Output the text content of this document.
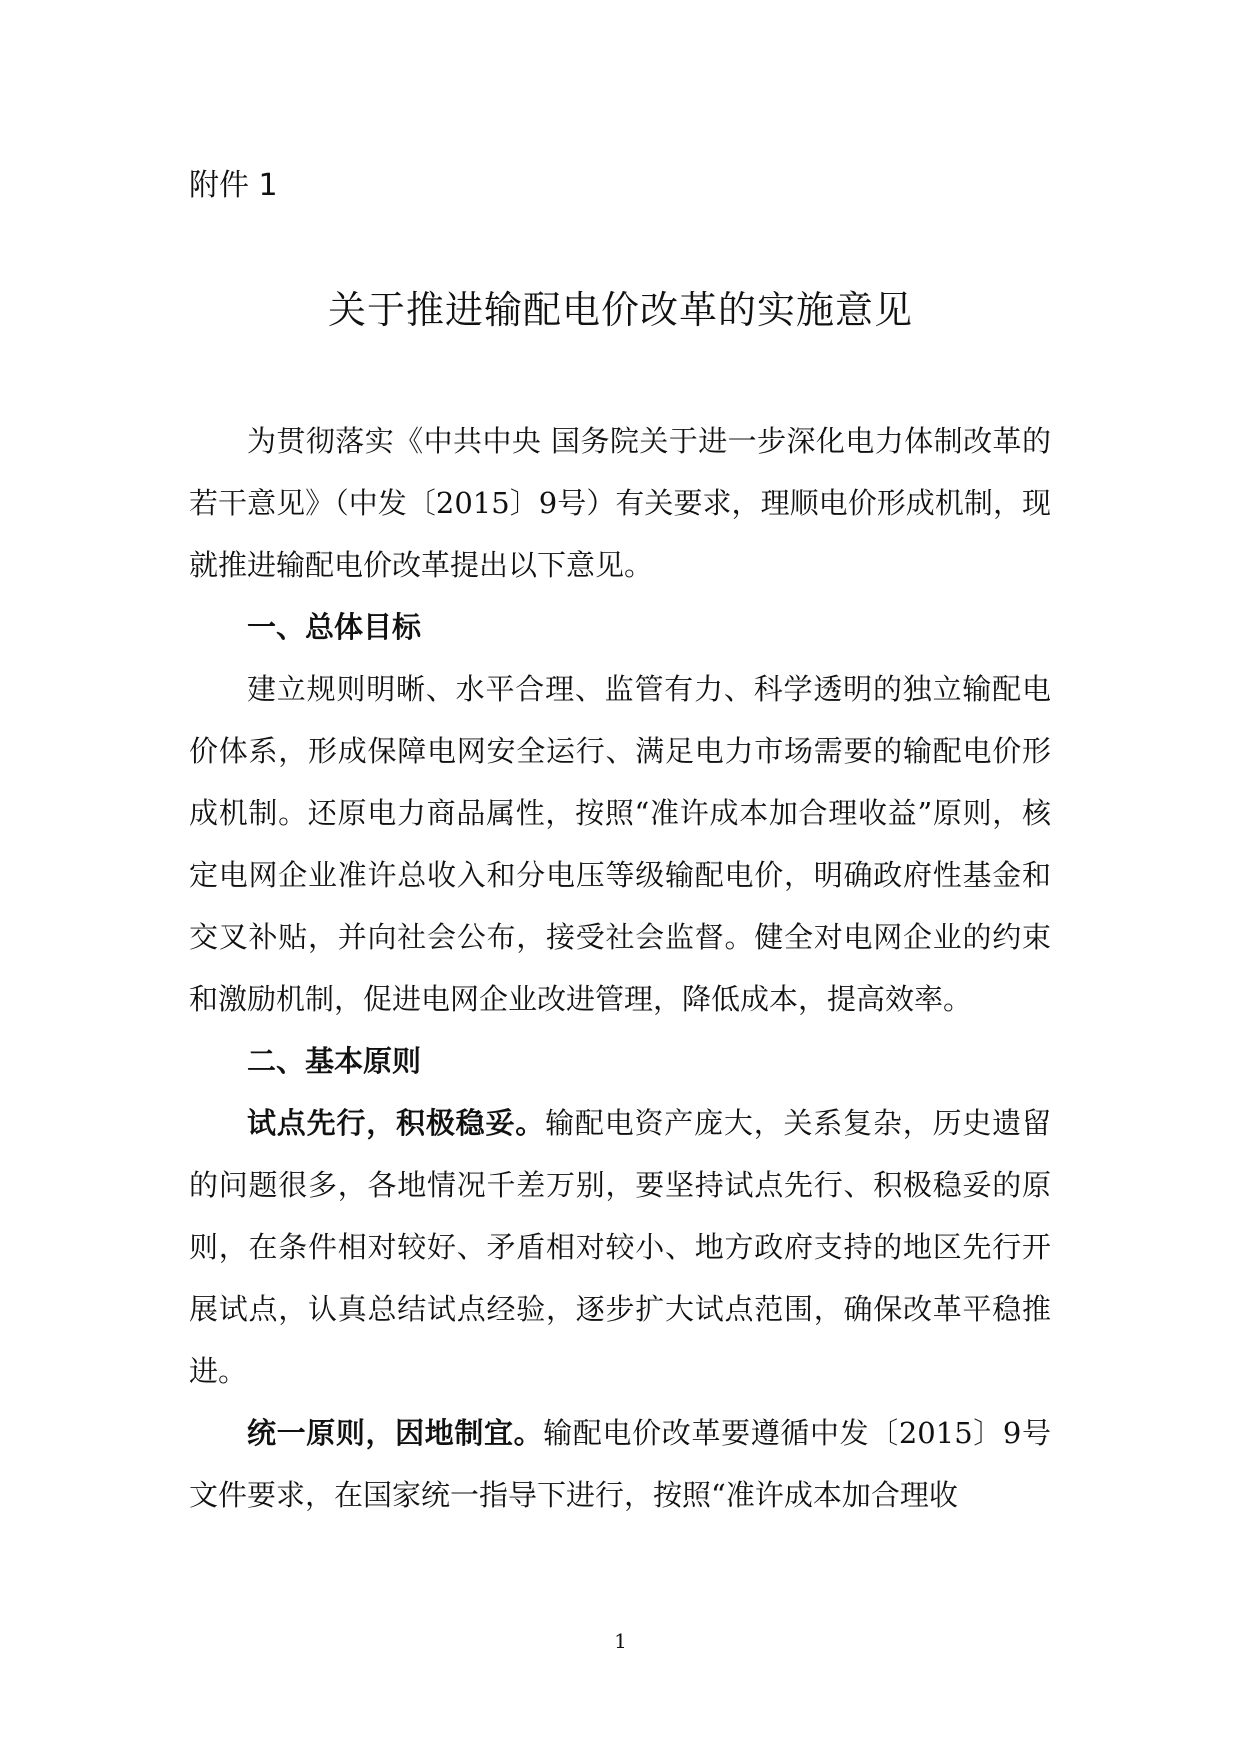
附件 1
关于推进输配电价改革的实施意见

为贯彻落实《中共中央 国务院关于进一步深化电力体制改革的若干意见》（中发〔2015〕9号）有关要求，理顺电价形成机制，现就推进输配电价改革提出以下意见。

一、总体目标

建立规则明晰、水平合理、监管有力、科学透明的独立输配电价体系，形成保障电网安全运行、满足电力市场需要的输配电价形成机制。还原电力商品属性，按照“准许成本加合理收益”原则，核定电网企业准许总收入和分电压等级输配电价，明确政府性基金和交叉补贴，并向社会公布，接受社会监督。健全对电网企业的约束和激励机制，促进电网企业改进管理，降低成本，提高效率。

二、基本原则

试点先行，积极稳妥。输配电资产庞大，关系复杂，历史遗留的问题很多，各地情况千差万别，要坚持试点先行、积极稳妥的原则，在条件相对较好、矛盾相对较小、地方政府支持的地区先行开展试点，认真总结试点经验，逐步扩大试点范围，确保改革平稳推进。

统一原则，因地制宜。输配电价改革要遵循中发〔2015〕9号文件要求，在国家统一指导下进行，按照“准许成本加合理收

1
